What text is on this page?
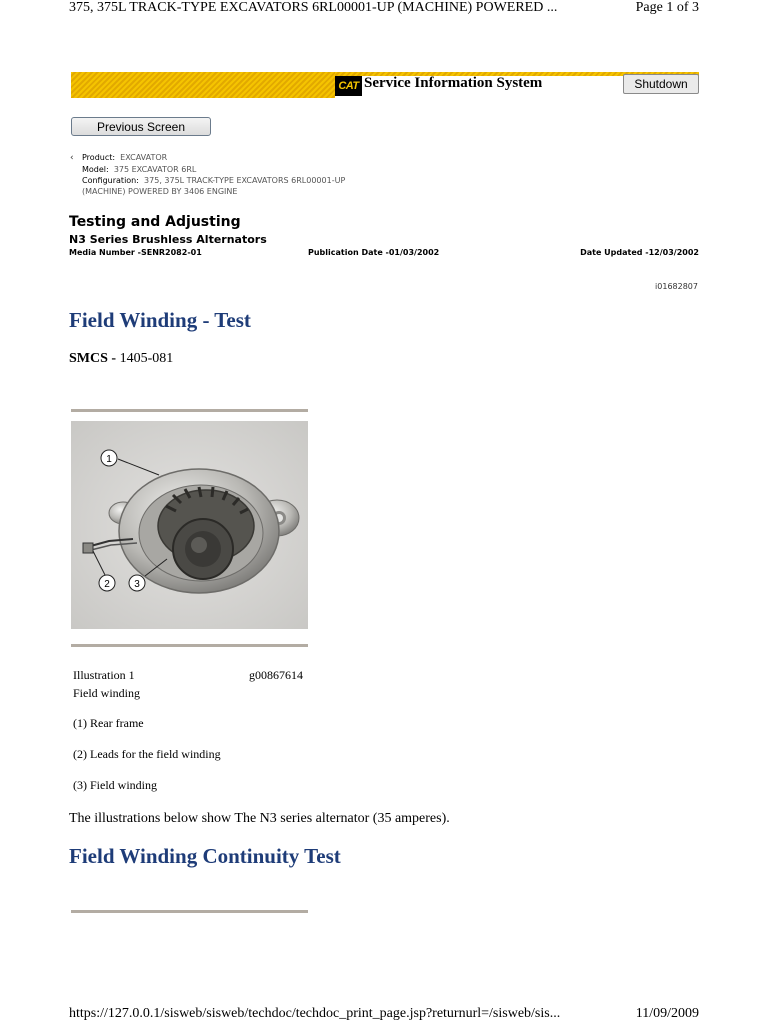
375, 375L TRACK-TYPE EXCAVATORS 6RL00001-UP (MACHINE) POWERED ...	Page 1 of 3
CAT Service Information System	Shutdown
Previous Screen
‹ Product: EXCAVATOR
Model: 375 EXCAVATOR 6RL
Configuration: 375, 375L TRACK-TYPE EXCAVATORS 6RL00001-UP
(MACHINE) POWERED BY 3406 ENGINE
Testing and Adjusting
N3 Series Brushless Alternators
Media Number -SENR2082-01	Publication Date -01/03/2002	Date Updated -12/03/2002
i01682807
Field Winding - Test
SMCS - 1405-081
1
2 3
Illustration 1	g00867614
Field winding
(1) Rear frame
(2) Leads for the field winding
(3) Field winding
The illustrations below show The N3 series alternator (35 amperes).
Field Winding Continuity Test
https://127.0.0.1/sisweb/sisweb/techdoc/techdoc_print_page.jsp?returnurl=/sisweb/sis...	11/09/2009
